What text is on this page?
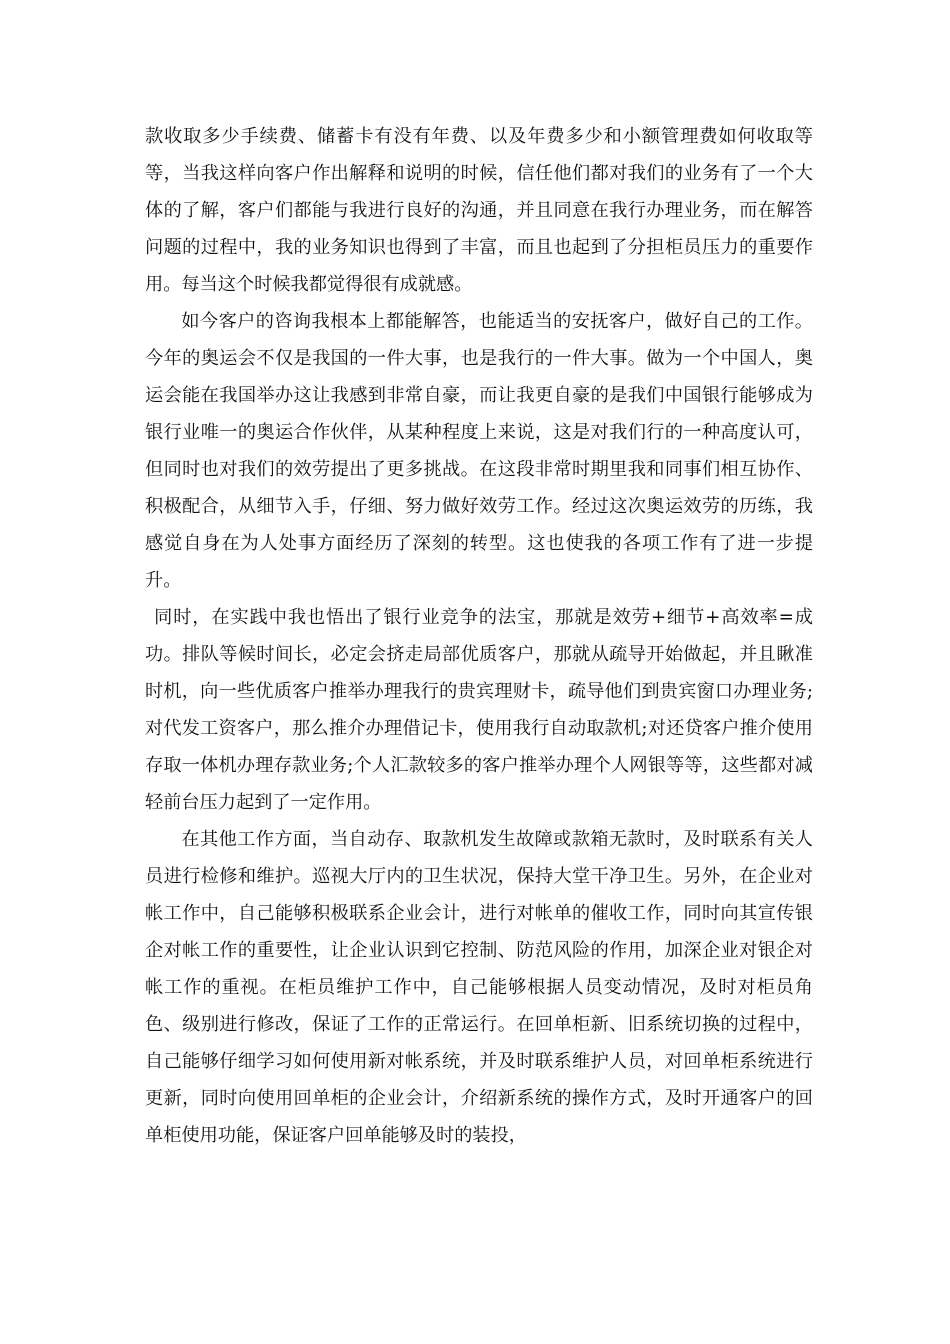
款收取多少手续费、储蓄卡有没有年费、以及年费多少和小额管理费如何收取等等，当我这样向客户作出解释和说明的时候，信任他们都对我们的业务有了一个大体的了解，客户们都能与我进行良好的沟通，并且同意在我行办理业务，而在解答问题的过程中，我的业务知识也得到了丰富，而且也起到了分担柜员压力的重要作用。每当这个时候我都觉得很有成就感。

如今客户的咨询我根本上都能解答，也能适当的安抚客户，做好自己的工作。今年的奥运会不仅是我国的一件大事，也是我行的一件大事。做为一个中国人，奥运会能在我国举办这让我感到非常自豪，而让我更自豪的是我们中国银行能够成为银行业唯一的奥运合作伙伴，从某种程度上来说，这是对我们行的一种高度认可，但同时也对我们的效劳提出了更多挑战。在这段非常时期里我和同事们相互协作、积极配合，从细节入手，仔细、努力做好效劳工作。经过这次奥运效劳的历练，我感觉自身在为人处事方面经历了深刻的转型。这也使我的各项工作有了进一步提升。

同时，在实践中我也悟出了银行业竞争的法宝，那就是效劳+细节+高效率=成功。排队等候时间长，必定会挤走局部优质客户，那就从疏导开始做起，并且瞅准时机，向一些优质客户推举办理我行的贵宾理财卡，疏导他们到贵宾窗口办理业务;对代发工资客户，那么推介办理借记卡，使用我行自动取款机;对还贷客户推介使用存取一体机办理存款业务;个人汇款较多的客户推举办理个人网银等等，这些都对减轻前台压力起到了一定作用。

在其他工作方面，当自动存、取款机发生故障或款箱无款时，及时联系有关人员进行检修和维护。巡视大厅内的卫生状况，保持大堂干净卫生。另外，在企业对帐工作中，自己能够积极联系企业会计，进行对帐单的催收工作，同时向其宣传银企对帐工作的重要性，让企业认识到它控制、防范风险的作用，加深企业对银企对帐工作的重视。在柜员维护工作中，自己能够根据人员变动情况，及时对柜员角色、级别进行修改，保证了工作的正常运行。在回单柜新、旧系统切换的过程中，自己能够仔细学习如何使用新对帐系统，并及时联系维护人员，对回单柜系统进行更新，同时向使用回单柜的企业会计，介绍新系统的操作方式，及时开通客户的回单柜使用功能，保证客户回单能够及时的装投，
